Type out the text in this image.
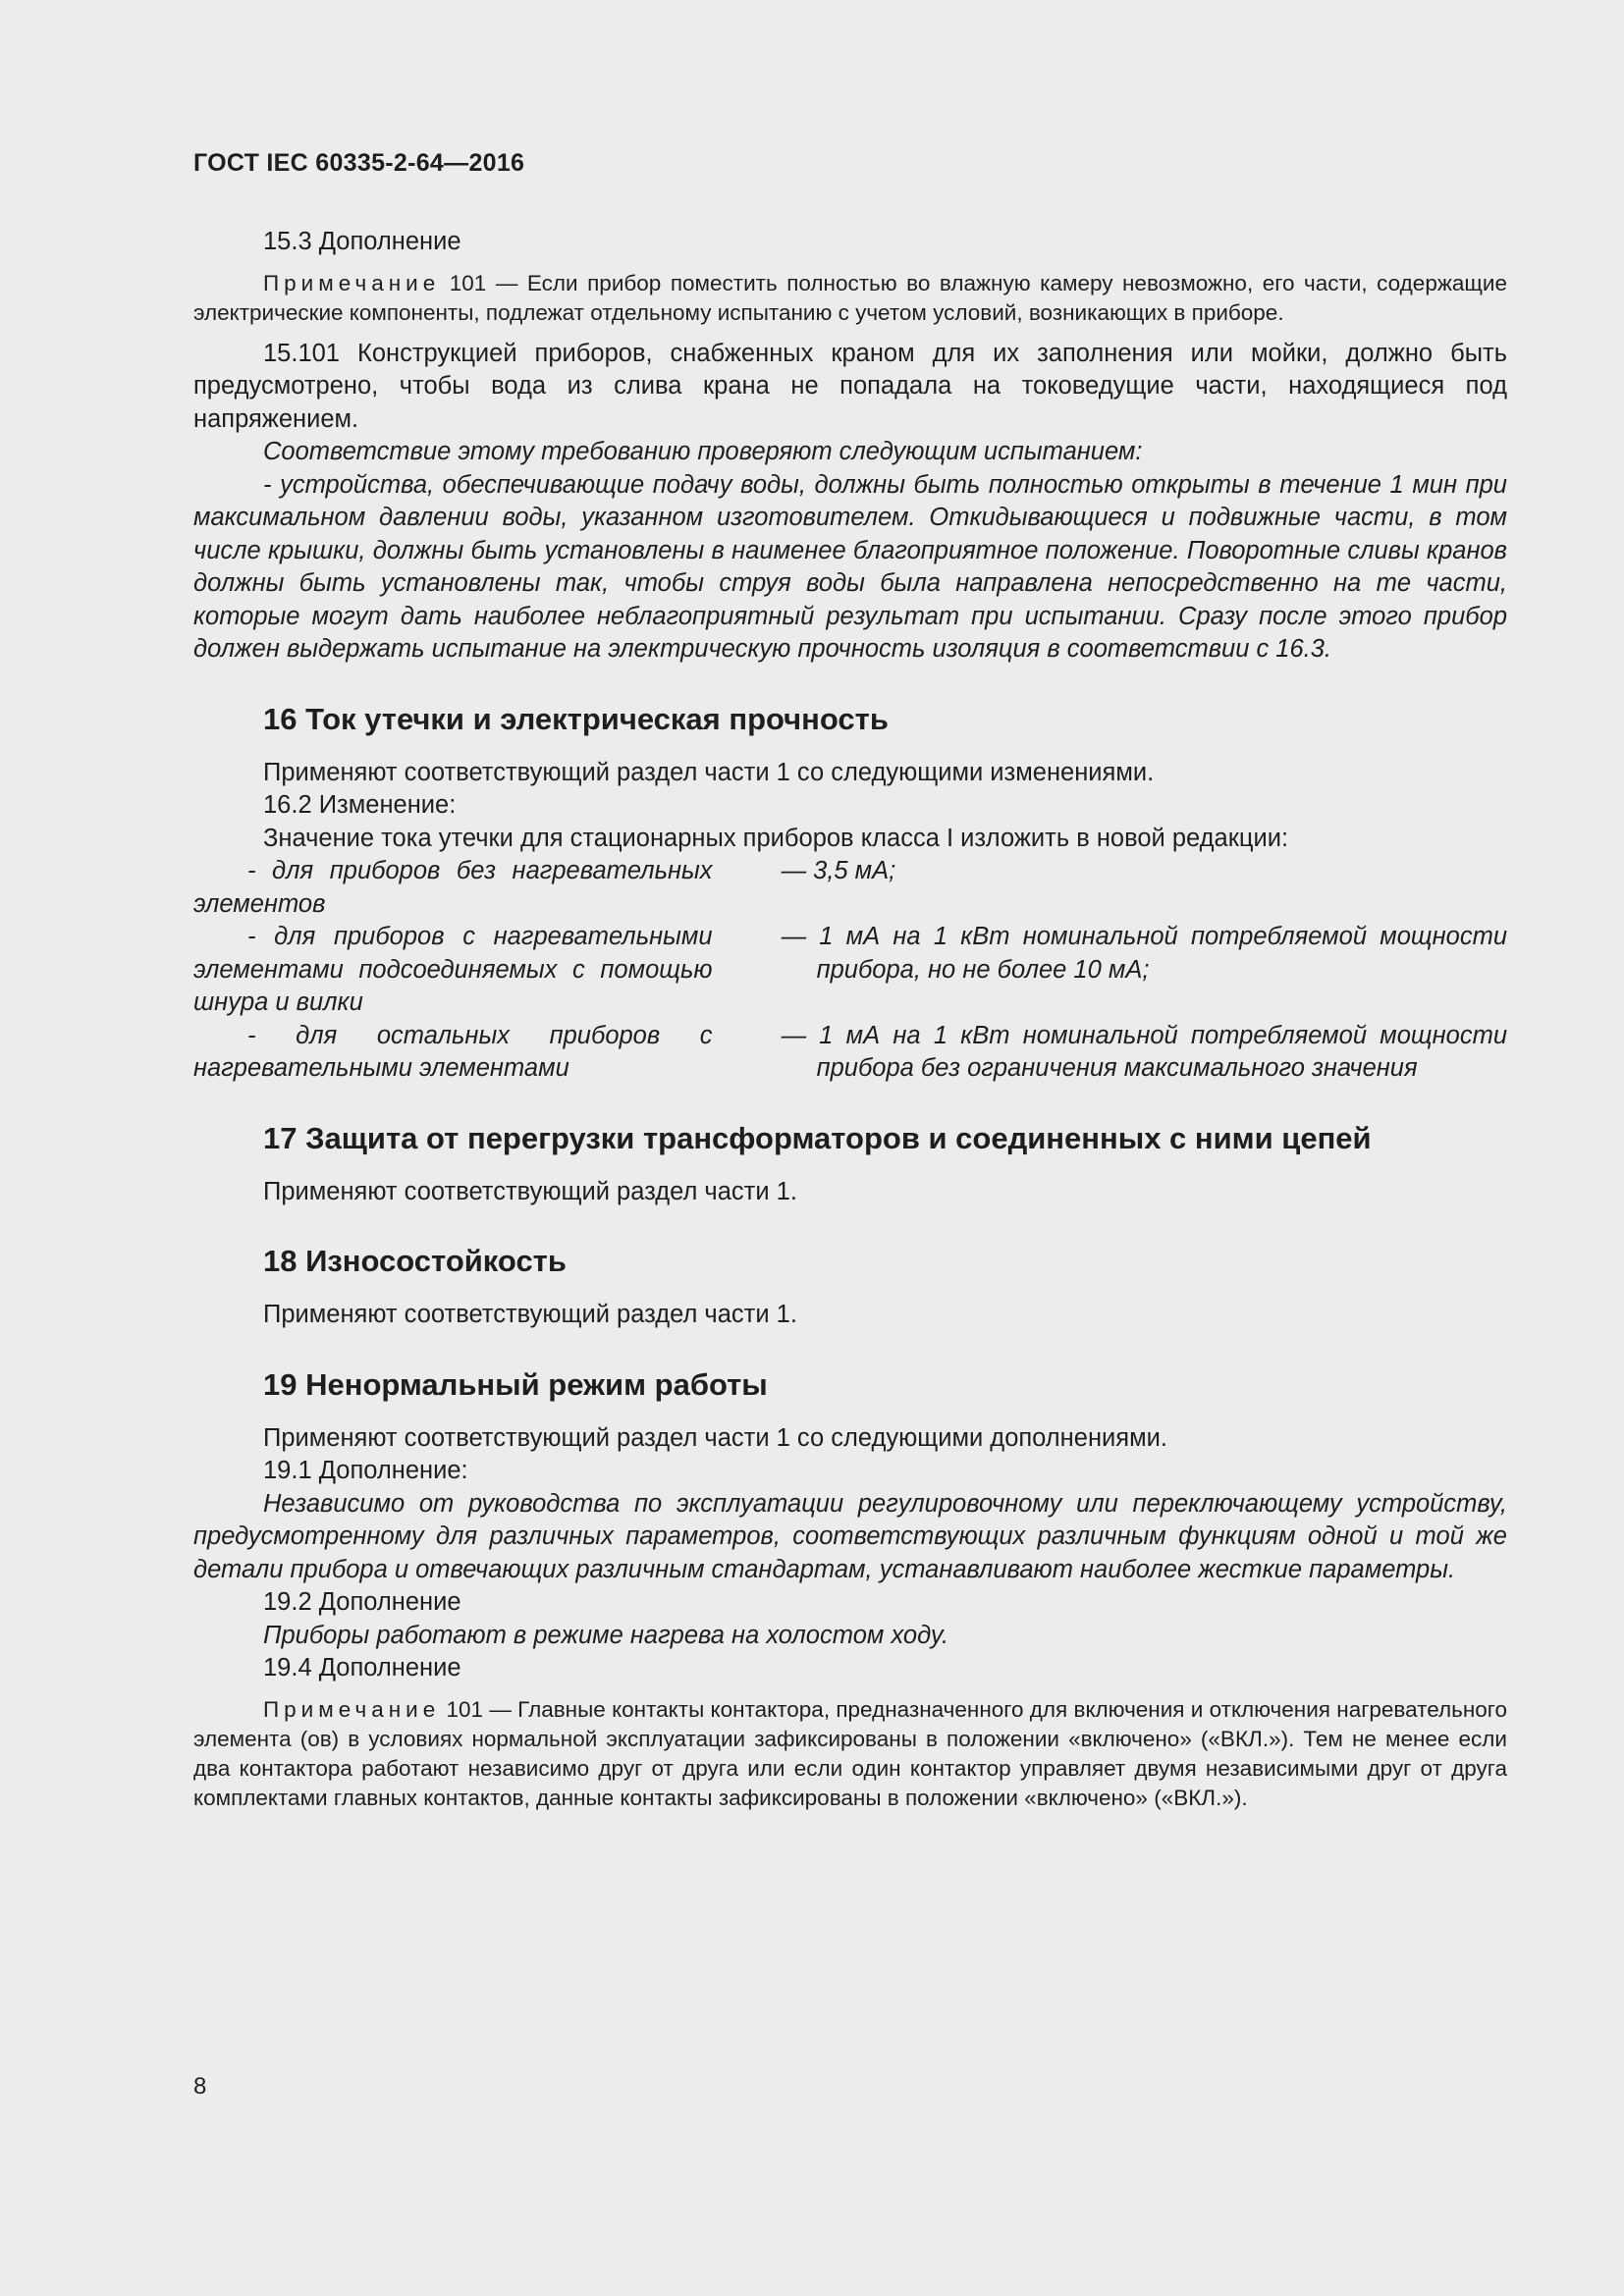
ГОСТ IEC 60335-2-64—2016

15.3 Дополнение

Примечание 101 — Если прибор поместить полностью во влажную камеру невозможно, его части, содержащие электрические компоненты, подлежат отдельному испытанию с учетом условий, возникающих в приборе.

15.101 Конструкцией приборов, снабженных краном для их заполнения или мойки, должно быть предусмотрено, чтобы вода из слива крана не попадала на токоведущие части, находящиеся под напряжением.

Соответствие этому требованию проверяют следующим испытанием:

- устройства, обеспечивающие подачу воды, должны быть полностью открыты в течение 1 мин при максимальном давлении воды, указанном изготовителем. Откидывающиеся и подвижные части, в том числе крышки, должны быть установлены в наименее благоприятное положение. Поворотные сливы кранов должны быть установлены так, чтобы струя воды была направлена непосредственно на те части, которые могут дать наиболее неблагоприятный результат при испытании. Сразу после этого прибор должен выдержать испытание на электрическую прочность изоляция в соответствии с 16.3.

16 Ток утечки и электрическая прочность

Применяют соответствующий раздел части 1 со следующими изменениями.

16.2 Изменение:

Значение тока утечки для стационарных приборов класса I изложить в новой редакции:

- для приборов без нагревательных элементов
— 3,5 мА;
- для приборов с нагревательными элементами подсоединяемых с помощью шнура и вилки
— 1 мА на 1 кВт номинальной потребляемой мощности прибора, но не более 10 мА;
- для остальных приборов с нагревательными элементами
— 1 мА на 1 кВт номинальной потребляемой мощности прибора без ограничения максимального значения
17 Защита от перегрузки трансформаторов и соединенных с ними цепей

Применяют соответствующий раздел части 1.

18 Износостойкость

Применяют соответствующий раздел части 1.

19 Ненормальный режим работы

Применяют соответствующий раздел части 1 со следующими дополнениями.

19.1 Дополнение:

Независимо от руководства по эксплуатации регулировочному или переключающему устройству, предусмотренному для различных параметров, соответствующих различным функциям одной и той же детали прибора и отвечающих различным стандартам, устанавливают наиболее жесткие параметры.

19.2 Дополнение

Приборы работают в режиме нагрева на холостом ходу.

19.4 Дополнение

Примечание 101 — Главные контакты контактора, предназначенного для включения и отключения нагревательного элемента (ов) в условиях нормальной эксплуатации зафиксированы в положении «включено» («ВКЛ.»). Тем не менее если два контактора работают независимо друг от друга или если один контактор управляет двумя независимыми друг от друга комплектами главных контактов, данные контакты зафиксированы в положении «включено» («ВКЛ.»).

8
